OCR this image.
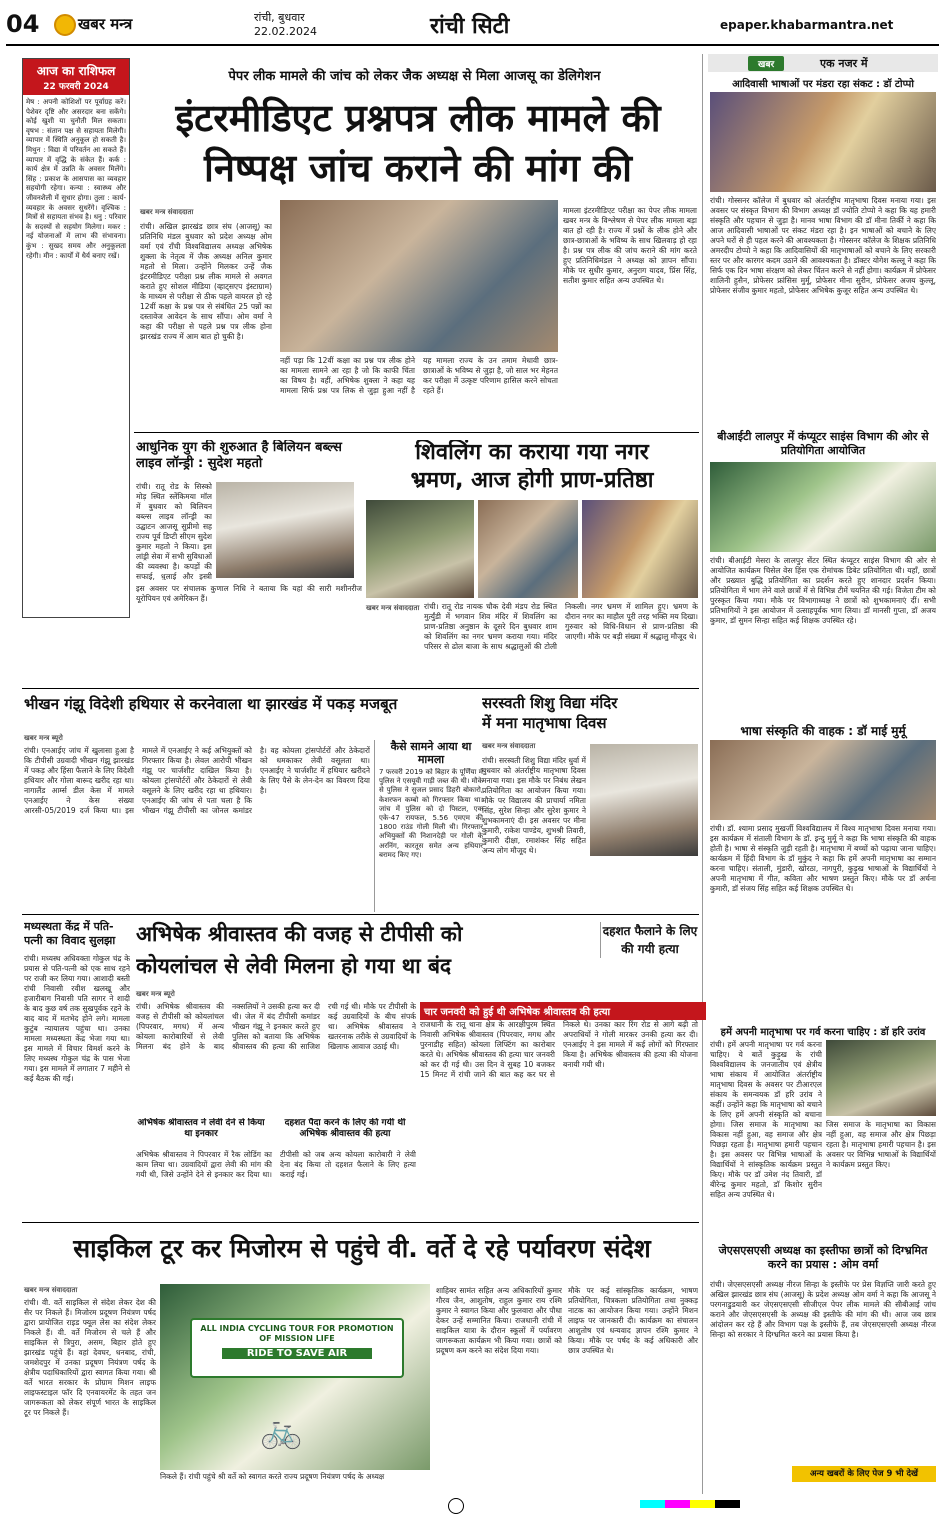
04	खबर मन्त्र	रांची, बुधवार
22.02.2024	रांची सिटी	epaper.khabarmantra.net
आज का राशिफल
22 फरवरी 2024
मेष : अपनी कोशिशों पर पूर्वाग्रह करें। पेशेवर दृष्टि और असरदार बना सकेंगे। कोई खुशी या चुनौती मिल सकता। वृषभ : संतान पक्ष से सहायता मिलेगी। व्यापार में स्थिति अनुकूल हो सकती है। मिथुन : विद्या में परिवर्तन आ सकते हैं। व्यापार में वृद्धि के संकेत हैं। कर्क : कार्य क्षेत्र में उन्नति के अवसर मिलेंगे। सिंह : प्रकाश के आसपास का व्यवहार सहयोगी रहेगा। कन्या : स्वास्थ्य और जीवनशैली में सुधार होगा। तुला : कार्य-व्यवहार के अवसर सुधरेंगे। वृश्चिक : मित्रों से सहायता संभव है। धनु : परिवार के सदस्यों से सहयोग मिलेगा। मकर : नई योजनाओं में लाभ की संभावना। कुंभ : सुखद समय और अनुकूलता रहेगी। मीन : कार्यों में धैर्य बनाए रखें।
पेपर लीक मामले की जांच को लेकर जैक अध्यक्ष से मिला आजसू का डेलिगेशन
इंटरमीडिएट प्रश्नपत्र लीक मामले की
निष्पक्ष जांच कराने की मांग की
खबर मन्त्र संवाददाता
रांची। अखिल झारखंड छात्र संघ (आजसू) का प्रतिनिधि मंडल बुधवार को प्रदेश अध्यक्ष ओम वर्मा एवं राँची विश्वविद्यालय अध्यक्ष अभिषेक शुक्ला के नेतृत्व में जैक अध्यक्ष अनिल कुमार महतो से मिला। उन्होंने मिलकर उन्हें जैक इंटरमीडिएट परीक्षा प्रश्न लीक मामले से अवगत कराते हुए सोशल मीडिया (व्हाट्सएप इंस्टाग्राम) के माध्यम से परीक्षा से ठीक पहले वायरल हो रहे 12वीं कक्षा के प्रश्न पत्र से संबंधित 25 पन्नों का दस्तावेज आवेदन के साथ सौंपा। ओम वर्मा ने कहा की परीक्षा से पहले प्रश्न पत्र लीक होना झारखंड राज्य में आम बात हो चुकी है।
नहीं पड़ा कि 12वीं कक्षा का प्रश्न पत्र लीक होने का मामला सामने आ रहा है जो कि काफी चिंता का विषय है। वहीं, अभिषेक शुक्ला ने कहा यह मामला सिर्फ प्रश्न पत्र लिक से जुड़ा हुआ नहीं है यह मामला राज्य के उन तमाम मेधावी छात्र-छात्राओं के भविष्य से जुड़ा है, जो साल भर मेहनत कर परीक्षा में उत्कृष्ट परिणाम हासिल करने सोचता रहते हैं।
मामला इंटरमीडिएट परीक्षा का पेपर लीक मामला खबर मन्त्र के विश्लेषण से पेपर लीक मामला बड़ा बात हो रही है। राज्य में प्रश्नों के लीक होने और छात्र-छात्राओं के भविष्य के साथ खिलवाड़ हो रहा है। प्रश्न पत्र लीक की जांच कराने की मांग करते हुए प्रतिनिधिमंडल ने अध्यक्ष को ज्ञापन सौंपा। मौके पर सुधीर कुमार, अनुराग यादव, प्रिंस सिंह, सतीश कुमार सहित अन्य उपस्थित थे।
खबर	एक नजर में
आदिवासी भाषाओं पर मंडरा रहा संकट : डॉ टोप्पो
रांची। गोस्सनर कॉलेज में बुधवार को अंतर्राष्ट्रीय मातृभाषा दिवस मनाया गया। इस अवसर पर संस्कृत विभाग की विभाग अध्यक्ष डॉ ज्योति टोप्पो ने कहा कि यह हमारी संस्कृति और पहचान से जुड़ा है। मानव भाषा विभाग की डॉ मीना तिर्की ने कहा कि आज आदिवासी भाषाओं पर संकट मंडरा रहा है। इन भाषाओं को बचाने के लिए अपने घरों से ही पहल करने की आवश्यकता है। गोस्सनर कॉलेज के शिक्षक प्रतिनिधि अमरदीप टोप्पो ने कहा कि आदिवासियों की मातृभाषाओं को बचाने के लिए सरकारी स्तर पर और कारगर कदम उठाने की आवश्यकता है। डॉक्टर योगेश कल्लू ने कहा कि सिर्फ एक दिन भाषा संरक्षण को लेकर चिंतन करने से नहीं होगा। कार्यक्रम में प्रोफेसर शालिनी हुसैन, प्रोफेसर फ्रांसिस मुर्मू, प्रोफेसर मीना सुरीन, प्रोफेसर अजय कुल्लू, प्रोफेसर संजीव कुमार महतो, प्रोफेसर अभिषेक कुजूर सहित अन्य उपस्थित थे।
बीआईटी लालपुर में कंप्यूटर साइंस विभाग की ओर से प्रतियोगिता आयोजित
रांची। बीआईटी मेसरा के लालपुर सेंटर स्थित कंप्यूटर साइंस विभाग की ओर से आयोजित कार्यक्रम चिसेल वेस हिंस एक रोमांचक डिबेट प्रतियोगिता थी। यहाँ, छात्रों और प्रख्यात बुद्धि प्रतियोगिता का प्रदर्शन करते हुए शानदार प्रदर्शन किया। प्रतियोगिता में भाग लेने वाले छात्रों में से विभिन्न टीमें चयनित की गई। विजेता टीम को पुरस्कृत किया गया। मौके पर विभागाध्यक्ष ने छात्रों को शुभकामनाएं दीं। सभी प्रतिभागियों ने इस आयोजन में उत्साहपूर्वक भाग लिया। डॉ मानसी गुप्ता, डॉ अजय कुमार, डॉ सुमन सिन्हा सहित कई शिक्षक उपस्थित रहे।
आधुनिक युग की शुरुआत है बिलियन बब्ल्स लाइव लॉन्ड्री : सुदेश महतो
रांची। रातू रोड के सिस्को मोड़ स्थित स्लेंकिमया मॉल में बुधवार को बिलियन बब्ल्स लाइव लॉन्ड्री का उद्घाटन आजसू सुप्रीमो सह राज्य पूर्व डिप्टी सीएम सुदेश कुमार महतो ने किया। इस लांड्री सेवा में सभी सुविधाओं की व्यवस्था है। कपड़ों की सफाई, धुलाई और इस्त्री
इस अवसर पर संचालक कुणाल निधि ने बताया कि यहां की सारी मशीनरीज यूरोपियन एवं अमेरिकन हैं।
शिवलिंग का कराया गया नगर
भ्रमण, आज होगी प्राण-प्रतिष्ठा
खबर मन्त्र संवाददाता रांची। रातू रोड नायक चौक देवी मंडप रोड स्थित मुर्त्युंडी में भगवान शिव मंदिर में शिवलिंग का प्राण-प्रतिष्ठा अनुष्ठान के दूसरे दिन बुधवार शाम को शिवलिंग का नगर भ्रमण कराया गया। मंदिर परिसर से ढोल बाजा के साथ श्रद्धालुओं की टोली निकली। नगर भ्रमण में शामिल हुए। भ्रमण के दौरान नगर का माहौल पूरी तरह भक्ति मय दिखा। गुरुवार को विधि-विधान से प्राण-प्रतिष्ठा की जाएगी। मौके पर बड़ी संख्या में श्रद्धालु मौजूद थे।
भीखन गंझू विदेशी हथियार से करनेवाला था झारखंड में पकड़ मजबूत
खबर मन्त्र ब्यूरो
रांची। एनआईए जांच में खुलासा हुआ है कि टीपीसी उग्रवादी भीखन गंझू झारखंड में पकड़ और हिंसा फैलाने के लिए विदेशी हथियार और गोला बारूद खरीद रहा था। नागालैंड आर्म्स डील केस में मामले एनआईए ने केस संख्या आरसी-05/2019 दर्ज किया था। इस मामले में एनआईए ने कई अभियुक्तों को गिरफ्तार किया है। लेवल आरोपी भीखन गंझू पर चार्जशीट दाखिल किया है। कोयला ट्रांसपोर्टरों और ठेकेदारों से लेवी वसूलने के लिए खरीद रहा था हथियार। एनआईए की जांच से पता चला है कि भीखन गंझू टीपीसी का जोनल कमांडर है। वह कोयला ट्रांसपोर्टरों और ठेकेदारों को धमकाकर लेवी वसूलता था। एनआईए ने चार्जशीट में हथियार खरीदने के लिए पैसे के लेन-देन का विवरण दिया है।
कैसे सामने आया था मामला
7 फरवरी 2019 को बिहार के पूर्णिया में पुलिस ने एसयूवी गाड़ी जब्त की थी। मौके से पुलिस ने सुजल प्रसाद डिहरी बोकारो, केशरफन कम्बो को गिरफ्तार किया था। जांच में पुलिस को दो पिस्टल, एक एके-47 रायफल, 5.56 एमएम की 1800 राउंड गोली मिली थी। गिरफ्तार अभियुक्तों की निशानदेही पर गोली के अरनिंग, कारतूस समेत अन्य हथियार बरामद किए गए।
सरस्वती शिशु विद्या मंदिर
में मना मातृभाषा दिवस
खबर मन्त्र संवाददाता
रांची। सरस्वती शिशु विद्या मंदिर धुर्वा में बुधवार को अंतर्राष्ट्रीय मातृभाषा दिवस मनाया गया। इस मौके पर निबंध लेखन प्रतियोगिता का आयोजन किया गया। मौके पर विद्यालय की प्राचार्या नमिता सिंह, सुरेश सिन्हा और सुरेश कुमार ने शुभकामनाएं दी। इस अवसर पर मीना कुमारी, राकेश पाण्डेय, शुभश्री तिवारी, कुमारी दीक्षा, रमाशंकर सिंह सहित अन्य लोग मौजूद थे।
भाषा संस्कृति की वाहक : डॉ माई मुर्मू
रांची। डॉ. श्यामा प्रसाद मुखर्जी विश्वविद्यालय में विश्व मातृभाषा दिवस मनाया गया। इस कार्यक्रम में संताली विभाग के डॉ. इन्दु मुर्मू ने कहा कि भाषा संस्कृति की वाहक होती है। भाषा से संस्कृति जुड़ी रहती है। मातृभाषा में बच्चों को पढ़ाया जाना चाहिए। कार्यक्रम में हिंदी विभाग के डॉ मुकुंद ने कहा कि हमें अपनी मातृभाषा का सम्मान करना चाहिए। संताली, मुंडारी, खोरठा, नागपुरी, कुड़ुख भाषाओं के विद्यार्थियों ने अपनी मातृभाषा में गीत, कविता और भाषण प्रस्तुत किए। मौके पर डॉ अर्चना कुमारी, डॉ संजय सिंह सहित कई शिक्षक उपस्थित थे।
मध्यस्थता केंद्र में पति-पत्नी का विवाद सुलझा
रांची। मध्यस्थ अधिवक्ता गोकुल चंद्र के प्रयास से पति-पत्नी को एक साथ रहने पर राजी कर लिया गया। आशादी बस्ती रांची निवासी रवीश खलखू और हजारीबाग निवासी पति सागर ने शादी के बाद कुछ वर्ष तक सुखपूर्वक रहने के बाद बाद में मतभेद होने लगे। मामला कुटुंब न्यायालय पहुंचा था। उनका मामला मध्यस्थता केंद्र भेजा गया था। इस मामले में विचार विमर्श करने के लिए मध्यस्थ गोकुल चंद्र के पास भेजा गया। इस मामले में लगातार 7 महीने से कई बैठक की गई।
अभिषेक श्रीवास्तव की वजह से टीपीसी को
कोयलांचल से लेवी मिलना हो गया था बंद
दहशत फैलाने के लिए की गयी हत्या
खबर मन्त्र ब्यूरो
रांची। अभिषेक श्रीवास्तव की वजह से टीपीसी को कोयलांचल (पिपरवार, मगध) में अन्य कोयला कारोबारियों से लेवी मिलना बंद होने के बाद नक्सलियों ने उसकी हत्या कर दी थी। जेल में बंद टीपीसी कमांडर भीखन गंझू ने इनकार करते हुए पुलिस को बताया कि अभिषेक श्रीवास्तव की हत्या की साजिश रची गई थी। मौके पर टीपीसी के कई उग्रवादियों के बीच संपर्क था। अभिषेक श्रीवास्तव ने खतरनाक तरीके से उग्रवादियों के खिलाफ आवाज उठाई थी।
अभिषेक श्रीवास्तव ने लेवी देने से किया था इनकार
दहशत पैदा करने के लिए की गयी थी अभिषेक श्रीवास्तव की हत्या
अभिषेक श्रीवास्तव ने पिपरवार में रैक लोडिंग का काम लिया था। उग्रवादियों द्वारा लेवी की मांग की गयी थी, जिसे उन्होंने देने से इनकार कर दिया था। टीपीसी को जब अन्य कोयला कारोबारी ने लेवी देना बंद किया तो दहशत फैलाने के लिए हत्या कराई गई।
चार जनवरी को हुई थी अभिषेक श्रीवास्तव की हत्या
राजधानी के रातू थाना क्षेत्र के आरक्षीपुरम स्थित निवासी अभिषेक श्रीवास्तव (पिपरवार, मगध और पुरनाडीह सहित) कोयला लिफ्टिंग का कारोबार करते थे। अभिषेक श्रीवास्तव की हत्या चार जनवरी को कर दी गई थी। उस दिन वे सुबह 10 बजकर 15 मिनट में रांची जाने की बात कह कर घर से निकले थे। उनका कार रिंग रोड से आगे बढ़ी तो अपराधियों ने गोली मारकर उनकी हत्या कर दी। एनआईए ने इस मामले में कई लोगों को गिरफ्तार किया है। अभिषेक श्रीवास्तव की हत्या की योजना बनायी गयी थी।
हमें अपनी मातृभाषा पर गर्व करना चाहिए : डॉ हरि उरांव
रांची। हमें अपनी मातृभाषा पर गर्व करना चाहिए। ये बातें कुड़ुख के रांची विश्वविद्यालय के जनजातीय एवं क्षेत्रीय भाषा संकाय में आयोजित अंतर्राष्ट्रीय मातृभाषा दिवस के अवसर पर टीआरएल संकाय के समन्वयक डॉ हरि उरांव ने कहीं। उन्होंने कहा कि मातृभाषा को बचाने के लिए हमें अपनी संस्कृति को बचाना होगा। जिस समाज के मातृभाषा का विकास नहीं हुआ, वह समाज और क्षेत्र पिछड़ा रहता है। मातृभाषा हमारी पहचान है। इस अवसर पर विभिन्न भाषाओं के विद्यार्थियों ने सांस्कृतिक कार्यक्रम प्रस्तुत किए। मौके पर डॉ उमेश नंद तिवारी, डॉ बीरेन्द्र कुमार महतो, डॉ किशोर सुरीन सहित अन्य उपस्थित थे।
जिस समाज के मातृभाषा का विकास नहीं हुआ, वह समाज और क्षेत्र पिछड़ा रहता है। मातृभाषा हमारी पहचान है। इस अवसर पर विभिन्न भाषाओं के विद्यार्थियों ने कार्यक्रम प्रस्तुत किए।
जेएसएसएसी अध्यक्ष का इस्तीफा छात्रों को दिग्भ्रमित करने का प्रयास : ओम वर्मा
रांची। जेएसएसएसी अध्यक्ष नीरज सिन्हा के इस्तीफे पर प्रेस विज्ञप्ति जारी करते हुए अखिल झारखंड छात्र संघ (आजसू) के प्रदेश अध्यक्ष ओम वर्मा ने कहा कि आजसू ने परगनाडुडयारी कर जेएसएसएसी सीजीएल पेपर लीक मामले की सीबीआई जांच कराने और जेएसएसएसी के अध्यक्ष की इस्तीफे की मांग की थी। आज जब छात्र आंदोलन कर रहे हैं और विभाग पक्ष के इस्तीफे हैं, तब जेएसएसएसी अध्यक्ष नीरज सिन्हा को सरकार ने दिग्भ्रमित करने का प्रयास किया है।
अन्य खबरों के लिए पेज 9 भी देखें
साइकिल टूर कर मिजोरम से पहुंचे वी. वर्ते दे रहे पर्यावरण संदेश
खबर मन्त्र संवाददाता
रांची। वी. वर्ते साइकिल से संदेश लेकर देश की सैर पर निकले हैं। मिजोरम प्रदूषण नियंत्रण पर्षद द्वारा प्रायोजित राइड फ्यूल लेस का संदेश लेकर निकले हैं। वी. वर्ते मिजोरम से चले हैं और साइकिल से त्रिपुरा, असम, बिहार होते हुए झारखंड पहुंचे हैं। वहां देवघर, धनबाद, रांची, जमशेदपुर में उनका प्रदूषण नियंत्रण पर्षद के क्षेत्रीय पदाधिकारियों द्वारा स्वागत किया गया। श्री वर्ते भारत सरकार के प्रोग्राम मिशन लाइफ लाइफस्टाइल फॉर दि एनवायरमेंट के तहत जन जागरूकता को लेकर संपूर्ण भारत के साइकिल टूर पर निकले हैं।
ALL INDIA CYCLING TOUR FOR PROMOTION OF MISSION LIFE
RIDE TO SAVE AIR
🚲
निकले हैं। रांची पहुंचे श्री वर्ते को स्वागत करते राज्य प्रदूषण नियंत्रण पर्षद के अध्यक्ष
शाहिबर सामंत सहित अन्य अधिकारियों कुमार गौरव जैन, आशुतोष, राहुल कुमार राय रश्मि कुमार ने स्वागत किया और फुलवारा और पौधा देकर उन्हें सम्मानित किया। राजधानी रांची में साइकिल यात्रा के दौरान स्कूलों में पर्यावरण जागरूकता कार्यक्रम भी किया गया। छात्रों को प्रदूषण कम करने का संदेश दिया गया।
मौके पर कई सांस्कृतिक कार्यक्रम, भाषण प्रतियोगिता, चित्रकला प्रतियोगिता तथा नुक्कड़ नाटक का आयोजन किया गया। उन्होंने मिशन लाइफ पर जानकारी दी। कार्यक्रम का संचालन आशुतोष एवं धन्यवाद ज्ञापन रश्मि कुमार ने किया। मौके पर पर्षद के कई अधिकारी और छात्र उपस्थित थे।
